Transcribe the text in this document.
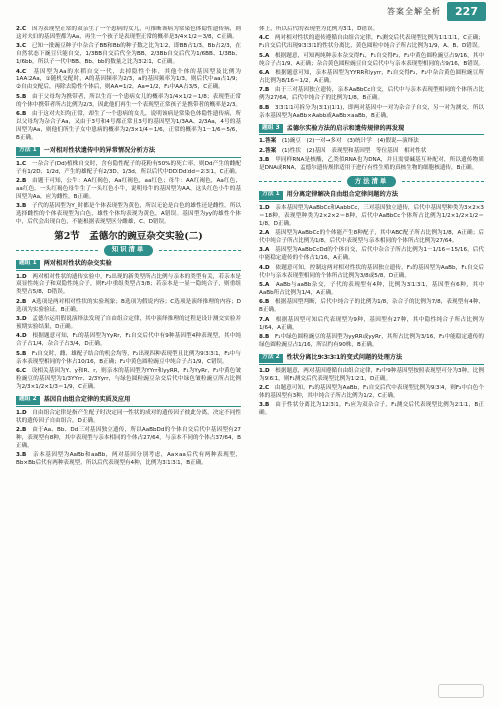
答案全解全析	227

2.C　 因为表现型正常的双亲生了一个患病的女儿，可推断该病为常染色体隐性遗传病，则这对夫妇的基因型都为Aa，再生一个孩子是表现型正常的概率是3/4×1/2＝3/8，C正确。

3.C　 已知一批豌豆种子中杂合子BB和Bb的种子数之比为1∶2，即BB占1/3，Bb占2/3，在自然状态下豌豆只能自交，1/3BB自交后代全为BB，2/3Bb自交后代为1/6BB、1/3Bb、1/6bb，所以子一代中BB、Bb、bb的数量之比为3∶2∶1，C正确。

4.C　 基因型为Aa的水稻自交一代，去掉隐性个体，其他个体的基因型及比例为1AA∶2Aa，①随机交配时，A的基因频率为2/3，a的基因频率为1/3，则后代中aa占1/9；②自由交配后，再除去隐性个体后，则AA=1/2，Aa=1/2，F₂中AA占3/5，C正确。

5.B　 由于父母均为携带者，所以生育一个患病女儿的概率为1/4×1/2＝1/8；表现型正常的个体中携带者所占比例为2/3，因此他们再生一个表现型正常孩子是携带者的概率是2/3。

6.B　 由于这对夫妇均正常，却生了一个患病的女儿，说明该病是常染色体隐性遗传病，所以父母均为杂合子Aa，又由于3号和4号都正常且3号的基因型为1/3AA、2/3Aa，4号的基因型为Aa，则他们所生子女中患病的概率为2/3×1/4＝1/6，正常的概率为1－1/6＝5/6，B正确。

方法 1	一对相对性状遗传中的异常情况分析方法

1.C　 一杂合子(Dd)植株自交时，含有隐性配子的花粉有50%的死亡率，则Dd产生的雌配子有1/2D、1/2d，产生的雄配子有2/3D、1/3d，所以后代中DD∶Dd∶dd＝2∶3∶1，C正确。

2.B　 由题干可知，公牛：AA红褐色，Aa红褐色，aa红色；母牛：AA红褐色，Aa红色，aa红色。一头红褐色母牛生了一头红色小牛，说明母牛的基因型为AA，这头红色小牛的基因型为Aa，应为雌性，B正确。

3.B　 子代的基因型为Y_时都是个体表现型为黄色，所以无论是白色的雄性还是雌性，所以选择雌性的个体表现型为白色，雄性个体均表现为黄色，A错误。基因型为yy的雄性个体中，后代会出现白色，不能根据表现型区分雌雄，C、D错误。

第2节　孟德尔的豌豆杂交实验(二)
知识清单
题组 1	两对相对性状的杂交实验

1.D　 两对相对性状的遗传实验中，F₂出现的新类型所占比例与亲本的类型有关，若亲本是双显性纯合子和双隐性纯合子，则F₂中重组类型占3/8；若亲本是一显一隐纯合子，则重组类型占5/8，D错误。

2.B　 A选项是两对相对性状的实验现象；B选项为假说内容；C选项是演绎推理的内容；D选项为实验验证，B正确。

3.D　 孟德尔运用假说演绎法发现了自由组合定律，其中演绎推理的过程是设计测交实验并预期实验结果，D正确。

4.D　 根据题意可知，F₁的基因型为YyRr，F₁自交后代中有9种基因型4种表现型，其中纯合子占1/4，杂合子占3/4，D正确。

5.B　 F₁自交时，雌、雄配子结合的机会均等，F₂出现四种表现型且比例为9∶3∶3∶1，F₂中与亲本表现型相同的个体占10/16，B正确；F₂中黄色圆粒豌豆中纯合子占1/9，C错误。

6.C　 设相关基因为Y、y和R、r，则亲本的基因型为YYrr和yyRR，F₁为YyRr，F₂中黄色皱粒豌豆的基因型为1/3YYrr、2/3Yyrr，与绿色圆粒豌豆杂交后代中绿色皱粒豌豆所占比例为2/3×1/2×1/3＝1/9，C正确。

题组 2	基因自由组合定律的实质及应用

1.D　 自由组合定律是指产生配子时决定同一性状的成对的遗传因子彼此分离，决定不同性状的遗传因子自由组合，D正确。

2.B　 由于Aa、Bb、Dd三对基因独立遗传，所以AaBbDd的个体自交后代中基因型有27种，表现型有8种，其中表现型与亲本相同的个体占27/64，与亲本不同的个体占37/64，B正确。

3.B　 亲本基因型为AaBb和aaBb，两对基因分别考虑，Aa×aa后代有两种表现型，Bb×Bb后代有两种表现型，所以后代表现型有4种，比例为3∶1∶3∶1，B正确。

体上，所以后代的表现型为比例为3∶1，D错误。

4.C　 两对相对性状的遗传遵循自由组合定律，F₁测交后代表现型比例为1∶1∶1∶1，C正确；F₁自交后代出现9∶3∶3∶1的性状分离比，黄色圆粒中纯合子所占比例为1/9，A、B、D错误。

5.A　 根据题意，可知两纯种亲本杂交得F₁，F₁自交得F₂，F₂中黄色圆粒豌豆占9/16，其中纯合子占1/9，A正确；杂合黄色圆粒豌豆自交后代中与亲本表现型相同的占9/16，B错误。

6.A　 根据题意可知，亲本基因型为YYRR和yyrr，F₁自交得F₂，F₂中杂合黄色圆粒豌豆所占比例为8/16＝1/2，A正确。

7.B　 由于三对基因独立遗传，亲本AaBbCc自交，后代中与亲本表现型相同的个体所占比例为27/64，后代中纯合子的比例为1/8，B正确。

8.B　 3∶3∶1∶1可拆分为(3∶1)(1∶1)，即两对基因中一对为杂合子自交，另一对为测交，所以亲本基因型为AaBb×Aabb或AaBb×aaBb，B正确。

题组 3	孟德尔实验方法的启示和遗传规律的再发现

1.答案　 (1)豌豆　(2)一对→多对　(3)统计学　(4)假说—演绎法

2.答案　 (1)性状　(2)基因　表现型和基因型　等位基因　相对性状

3.B　 甲同样RNA是核酸，乙类似RNA也为DNA，并且需要碱基互补配对，所以遗传物质是DNA或RNA，孟德尔遗传规律适用于进行有性生殖的真核生物的细胞核遗传，B正确。

方法清单
方法 1	用分离定律解决自由组合定律问题的方法

1.D　 亲本基因型为AaBbCc和AabbCc，三对基因独立遗传，后代中基因型种类为3×2×3＝18种，表现型种类为2×2×2＝8种，后代中AaBbCc个体所占比例为1/2×1/2×1/2＝1/8，D正确。

2.A　 基因型为AaBbCc的个体能产生8种配子，其中ABC配子所占比例为1/8，A正确；后代中纯合子所占比例为1/8，后代中表现型与亲本相同的个体所占比例为27/64。

3.A　 基因型为AaBbCcDd的个体自交，后代中杂合子所占比例为1－1/16＝15/16，后代中能稳定遗传的个体占1/16，A正确。

4.D　 依题意可知，控制这两对相对性状的基因独立遗传，F₁的基因型为AaBb，F₁自交后代中与亲本表现型相同的个体所占比例为3/8或5/8，D正确。

5.A　 AaBb与aaBb杂交，子代的表现型有4种，比例为3∶1∶3∶1，基因型有6种，其中AaBb所占比例为1/4，A正确。

6.B　 根据基因型判断，后代中纯合子的比例为1/8，杂合子的比例为7/8，表现型有4种，B正确。

7.A　 根据基因型可知后代表现型为9种，基因型有27种，其中隐性纯合子所占比例为1/64，A正确。

8.B　 F₁中绿色圆粒豌豆的基因型为yyRR或yyRr，其所占比例为3/16，F₂中能稳定遗传的绿色圆粒豌豆占1/16，所以约有90株，B正确。

方法 2	性状分离比9∶3∶3∶1的变式问题的处理方法

1.D　 根据题意，两对基因遵循自由组合定律，F₂中9种基因型按照表现型可分为3种，比例为9∶6∶1，则F₁测交后代表现型比例为1∶2∶1，D正确。

2.C　 由题意可知，F₁的基因型为AaBb，F₁自交后代中表现型比例为9∶3∶4，则F₂中白色个体的基因型有3种，其中纯合子所占比例为1/2，C正确。

3.B　 由于性状分离比为12∶3∶1，F₁应为双杂合子，F₁测交后代表现型比例为2∶1∶1，B正确。
